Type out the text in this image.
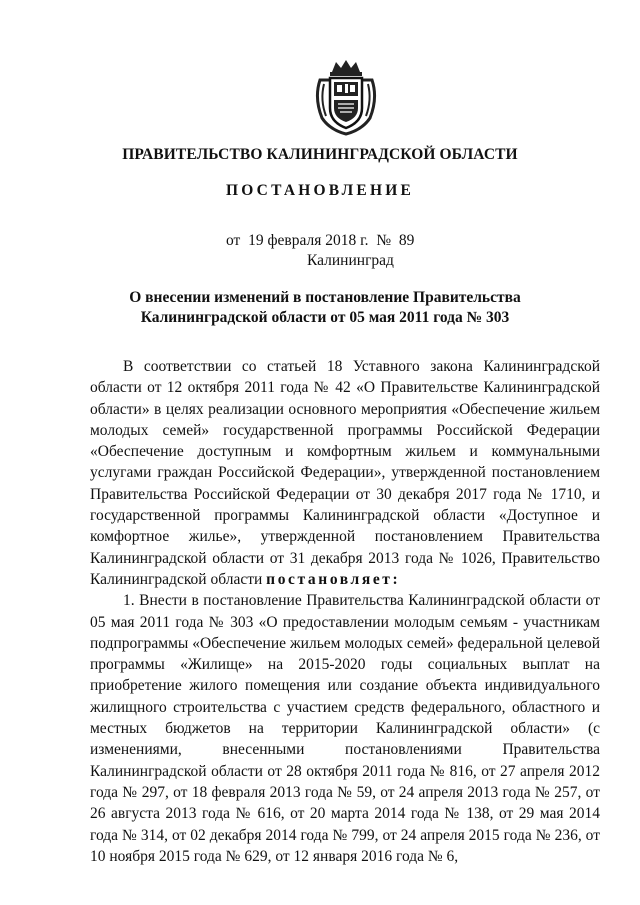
ПРАВИТЕЛЬСТВО КАЛИНИНГРАДСКОЙ ОБЛАСТИ
ПОСТАНОВЛЕНИЕ
от 19 февраля 2018 г. № 89
Калининград
О внесении изменений в постановление Правительства
Калининградской области от 05 мая 2011 года № 303

В соответствии со статьей 18 Уставного закона Калининградской области от 12 октября 2011 года № 42 «О Правительстве Калининградской области» в целях реализации основного мероприятия «Обеспечение жильем молодых семей» государственной программы Российской Федерации «Обеспечение доступным и комфортным жильем и коммунальными услугами граждан Российской Федерации», утвержденной постановлением Правительства Российской Федерации от 30 декабря 2017 года № 1710, и государственной программы Калининградской области «Доступное и комфортное жилье», утвержденной постановлением Правительства Калининградской области от 31 декабря 2013 года № 1026, Правительство Калининградской области постановляет:

1. Внести в постановление Правительства Калининградской области от 05 мая 2011 года № 303 «О предоставлении молодым семьям - участникам подпрограммы «Обеспечение жильем молодых семей» федеральной целевой программы «Жилище» на 2015-2020 годы социальных выплат на приобретение жилого помещения или создание объекта индивидуального жилищного строительства с участием средств федерального, областного и местных бюджетов на территории Калининградской области» (с изменениями, внесенными постановлениями Правительства Калининградской области от 28 октября 2011 года № 816, от 27 апреля 2012 года № 297, от 18 февраля 2013 года № 59, от 24 апреля 2013 года № 257, от 26 августа 2013 года № 616, от 20 марта 2014 года № 138, от 29 мая 2014 года № 314, от 02 декабря 2014 года № 799, от 24 апреля 2015 года № 236, от 10 ноября 2015 года № 629, от 12 января 2016 года № 6,
